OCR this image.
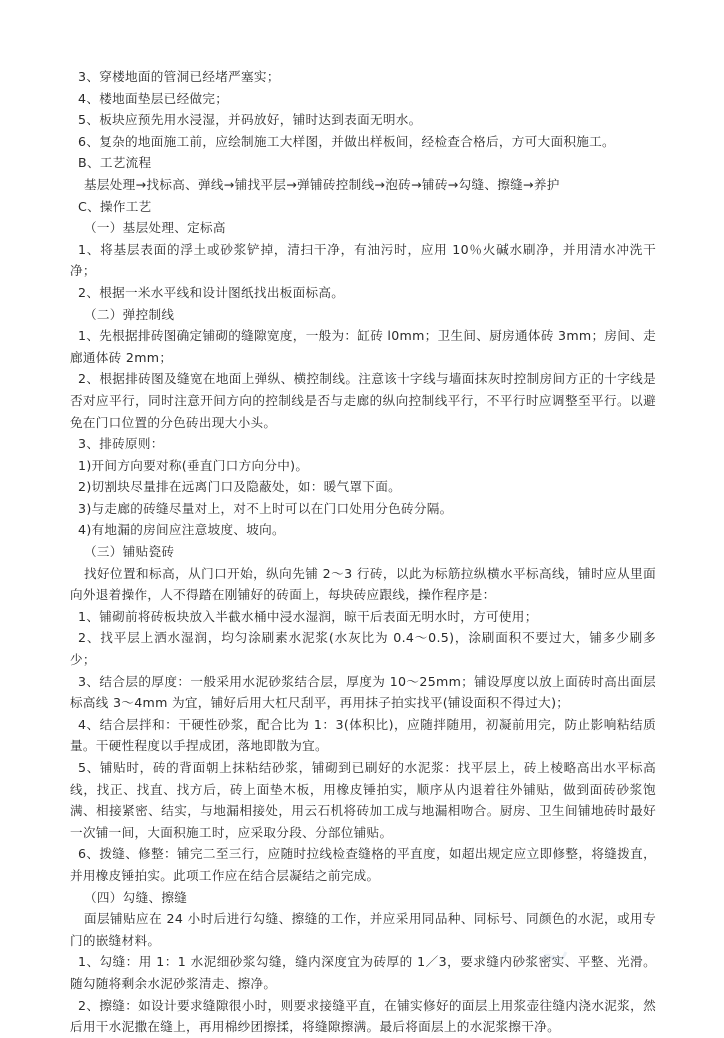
3、穿楼地面的管洞已经堵严塞实；

4、楼地面垫层已经做完；

5、板块应预先用水浸湿，并码放好，铺时达到表面无明水。

6、复杂的地面施工前，应绘制施工大样图，并做出样板间，经检查合格后，方可大面积施工。

B、工艺流程

基层处理→找标高、弹线→铺找平层→弹铺砖控制线→泡砖→铺砖→勾缝、擦缝→养护

C、操作工艺

（一）基层处理、定标高

1、将基层表面的浮土或砂浆铲掉，清扫干净，有油污时，应用 10％火碱水刷净，并用清水冲洗干净；

2、根据一米水平线和设计图纸找出板面标高。

（二）弹控制线

1、先根据排砖图确定铺砌的缝隙宽度，一般为：缸砖 l0mm；卫生间、厨房通体砖 3mm；房间、走廊通体砖 2mm；

2、根据排砖图及缝宽在地面上弹纵、横控制线。注意该十字线与墙面抹灰时控制房间方正的十字线是否对应平行，同时注意开间方向的控制线是否与走廊的纵向控制线平行，不平行时应调整至平行。以避免在门口位置的分色砖出现大小头。

3、排砖原则：

1)开间方向要对称(垂直门口方向分中)。

2)切割块尽量排在远离门口及隐蔽处，如：暖气罩下面。

3)与走廊的砖缝尽量对上，对不上时可以在门口处用分色砖分隔。

4)有地漏的房间应注意坡度、坡向。

（三）铺贴瓷砖

找好位置和标高，从门口开始，纵向先铺 2～3 行砖，以此为标筋拉纵横水平标高线，铺时应从里面向外退着操作，人不得踏在刚铺好的砖面上，每块砖应跟线，操作程序是：

1、铺砌前将砖板块放入半截水桶中浸水湿润，晾干后表面无明水时，方可使用；

2、找平层上洒水湿润，均匀涂刷素水泥浆(水灰比为 0.4～0.5)，涂刷面积不要过大，铺多少刷多少；

3、结合层的厚度：一般采用水泥砂浆结合层，厚度为 10～25mm；铺设厚度以放上面砖时高出面层标高线 3～4mm 为宜，铺好后用大杠尺刮平，再用抹子拍实找平(铺设面积不得过大)；

4、结合层拌和：干硬性砂浆，配合比为 1：3(体积比)，应随拌随用，初凝前用完，防止影响粘结质量。干硬性程度以手捏成团，落地即散为宜。

5、铺贴时，砖的背面朝上抹粘结砂浆，铺砌到已刷好的水泥浆：找平层上，砖上棱略高出水平标高线，找正、找直、找方后，砖上面垫木板，用橡皮锤拍实，顺序从内退着往外铺贴，做到面砖砂浆饱满、相接紧密、结实，与地漏相接处，用云石机将砖加工成与地漏相吻合。厨房、卫生间铺地砖时最好一次铺一间，大面积施工时，应采取分段、分部位铺贴。

6、拨缝、修整：铺完二至三行，应随时拉线检查缝格的平直度，如超出规定应立即修整，将缝拨直，并用橡皮锤拍实。此项工作应在结合层凝结之前完成。

（四）勾缝、擦缝

面层铺贴应在 24 小时后进行勾缝、擦缝的工作，并应采用同品种、同标号、同颜色的水泥，或用专门的嵌缝材料。

1、勾缝：用 1：1 水泥细砂浆勾缝，缝内深度宜为砖厚的 1／3，要求缝内砂浆密实、平整、光滑。随勾随将剩余水泥砂浆清走、擦净。

2、擦缝：如设计要求缝隙很小时，则要求接缝平直，在铺实修好的面层上用浆壶往缝内浇水泥浆，然后用干水泥撒在缝上，再用棉纱团擦揉，将缝隙擦满。最后将面层上的水泥浆擦干净。
